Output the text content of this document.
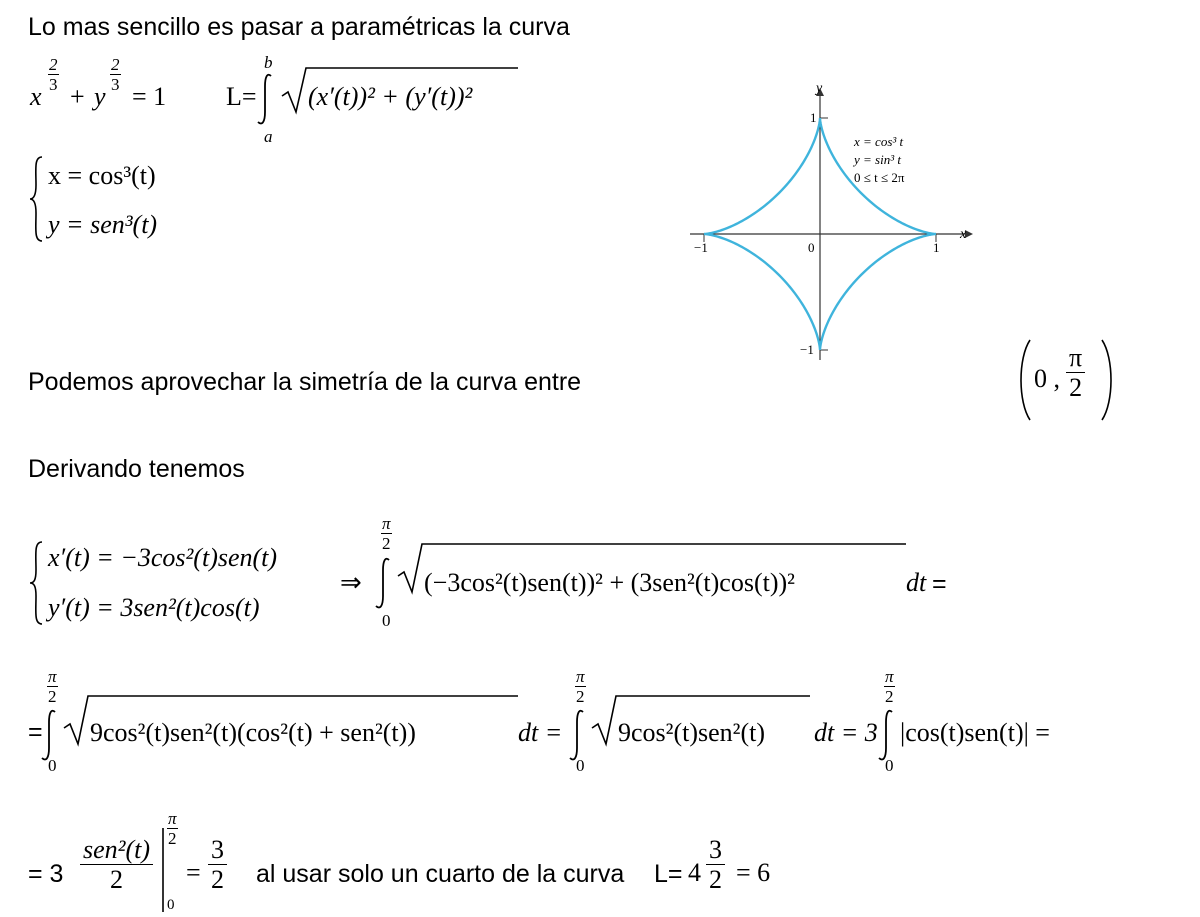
Lo mas sencillo es pasar a paramétricas la curva
x
$\frac{2}{3}$
+ y
$\frac{2}{3}$
= 1 L=
b
a
(x′(t))² + (y′(t))²
x = cos³(t)
y = sen³(t)
y
x
1
−1
−1	0	1
x = cos³ t
y = sin³ t
0 ≤ t ≤ 2π
Podemos aprovechar la simetría de la curva entre	0 , $\frac{\pi}{2}$
Derivando tenemos
x′(t) = −3cos²(t)sen(t)
y′(t) = 3sen²(t)cos(t)
⇒
$\frac{\pi}{2}$
0
(−3cos²(t)sen(t))² + (3sen²(t)cos(t))²	dt =
=
$\frac{\pi}{2}$
0
9cos²(t)sen²(t)(cos²(t) + sen²(t))	dt =
$\frac{\pi}{2}$
0
9cos²(t)sen²(t) dt = 3
$\frac{\pi}{2}$
0
|cos(t)sen(t)| =
= $3 \frac{\text{sen²(t)}}{2}$
$\frac{\pi}{2}$
0
= $\frac{3}{2}$ al usar solo un cuarto de la curva $L= 4 \frac{3}{2} = 6$
